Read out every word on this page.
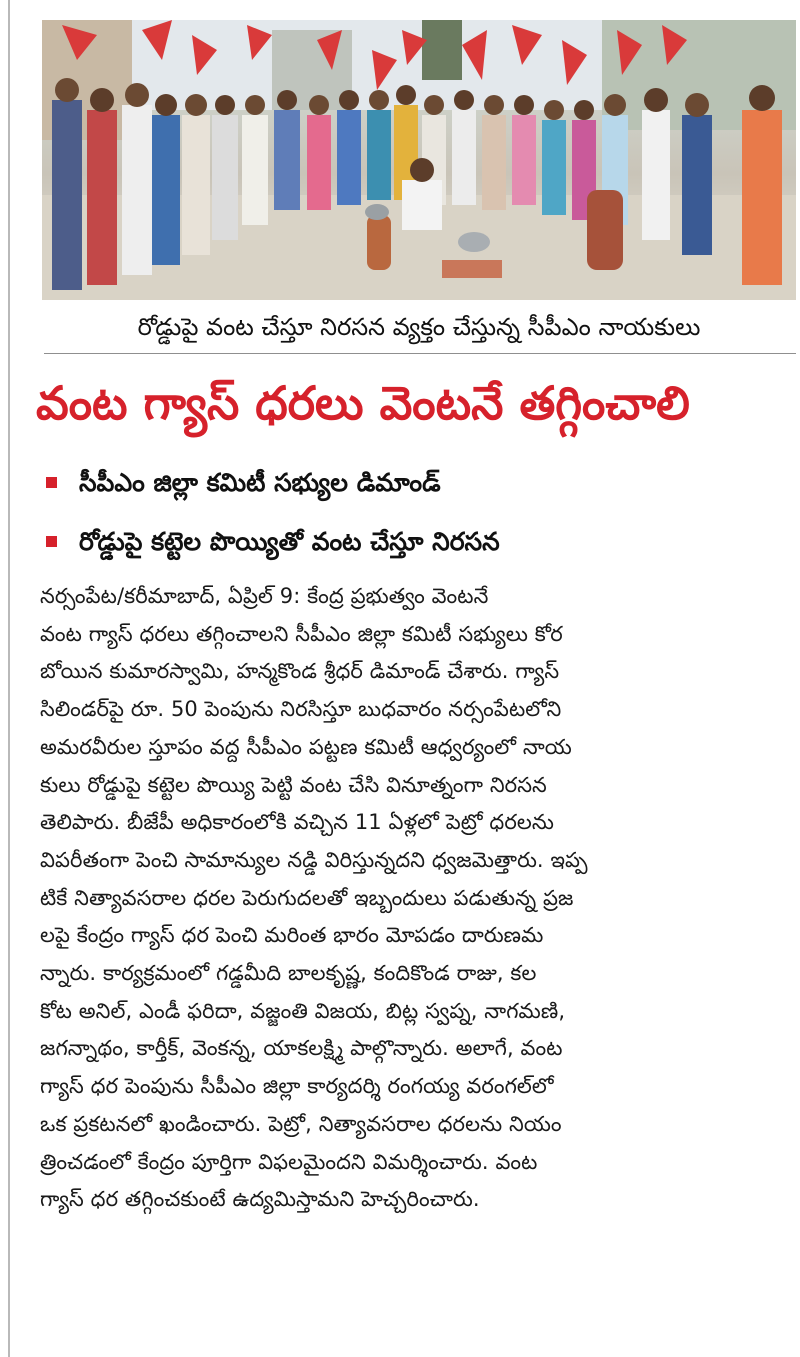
రోడ్డుపై వంట చేస్తూ నిరసన వ్యక్తం చేస్తున్న సీపీఎం నాయకులు
వంట గ్యాస్ ధరలు వెంటనే తగ్గించాలి
సీపీఎం జిల్లా కమిటీ సభ్యుల డిమాండ్
రోడ్డుపై కట్టెల పొయ్యితో వంట చేస్తూ నిరసన
నర్సంపేట/కరీమాబాద్, ఏప్రిల్ 9: కేంద్ర ప్రభుత్వం వెంటనే
వంట గ్యాస్ ధరలు తగ్గించాలని సీపీఎం జిల్లా కమిటీ సభ్యులు కోర
బోయిన కుమారస్వామి, హన్మకొండ శ్రీధర్ డిమాండ్ చేశారు. గ్యాస్
సిలిండర్‌పై రూ. 50 పెంపును నిరసిస్తూ బుధవారం నర్సంపేటలోని
అమరవీరుల స్తూపం వద్ద సీపీఎం పట్టణ కమిటీ ఆధ్వర్యంలో నాయ
కులు రోడ్డుపై కట్టెల పొయ్యి పెట్టి వంట చేసి వినూత్నంగా నిరసన
తెలిపారు. బీజేపీ అధికారంలోకి వచ్చిన 11 ఏళ్లలో పెట్రో ధరలను
విపరీతంగా పెంచి సామాన్యుల నడ్డి విరిస్తున్నదని ధ్వజమెత్తారు. ఇప్ప
టికే నిత్యావసరాల ధరల పెరుగుదలతో ఇబ్బందులు పడుతున్న ప్రజ
లపై కేంద్రం గ్యాస్ ధర పెంచి మరింత భారం మోపడం దారుణమ
న్నారు. కార్యక్రమంలో గడ్డమీది బాలకృష్ణ, కందికొండ రాజు, కల
కోట అనిల్, ఎండీ ఫరిదా, వజ్జంతి విజయ, బిట్ల స్వప్న, నాగమణి,
జగన్నాథం, కార్తీక్, వెంకన్న, యాకలక్ష్మి పాల్గొన్నారు. అలాగే, వంట
గ్యాస్ ధర పెంపును సీపీఎం జిల్లా కార్యదర్శి రంగయ్య వరంగల్‌లో
ఒక ప్రకటనలో ఖండించారు. పెట్రో, నిత్యావసరాల ధరలను నియం
త్రించడంలో కేంద్రం పూర్తిగా విఫలమైందని విమర్శించారు. వంట
గ్యాస్ ధర తగ్గించకుంటే ఉద్యమిస్తామని హెచ్చరించారు.
